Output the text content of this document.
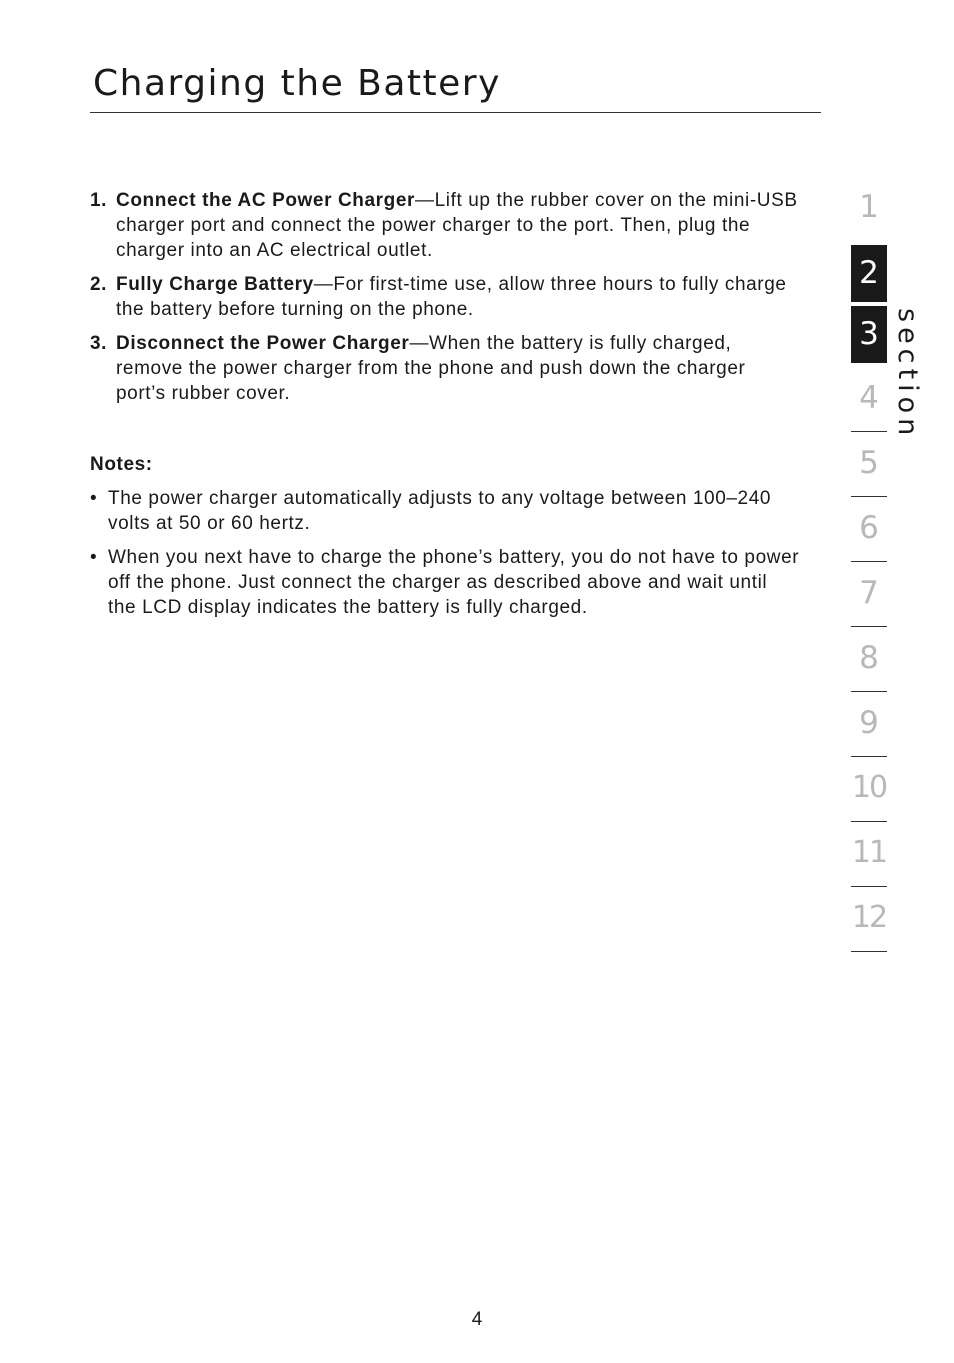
Charging the Battery
1. Connect the AC Power Charger—Lift up the rubber cover on the mini-USB charger port and connect the power charger to the port. Then, plug the charger into an AC electrical outlet.
2. Fully Charge Battery—For first-time use, allow three hours to fully charge the battery before turning on the phone.
3. Disconnect the Power Charger—When the battery is fully charged, remove the power charger from the phone and push down the charger port’s rubber cover.
Notes:
• The power charger automatically adjusts to any voltage between 100–240 volts at 50 or 60 hertz.
• When you next have to charge the phone’s battery, you do not have to power off the phone. Just connect the charger as described above and wait until the LCD display indicates the battery is fully charged.
1
2
3
4
5
6
7
8
9
10
11
12
section
4
